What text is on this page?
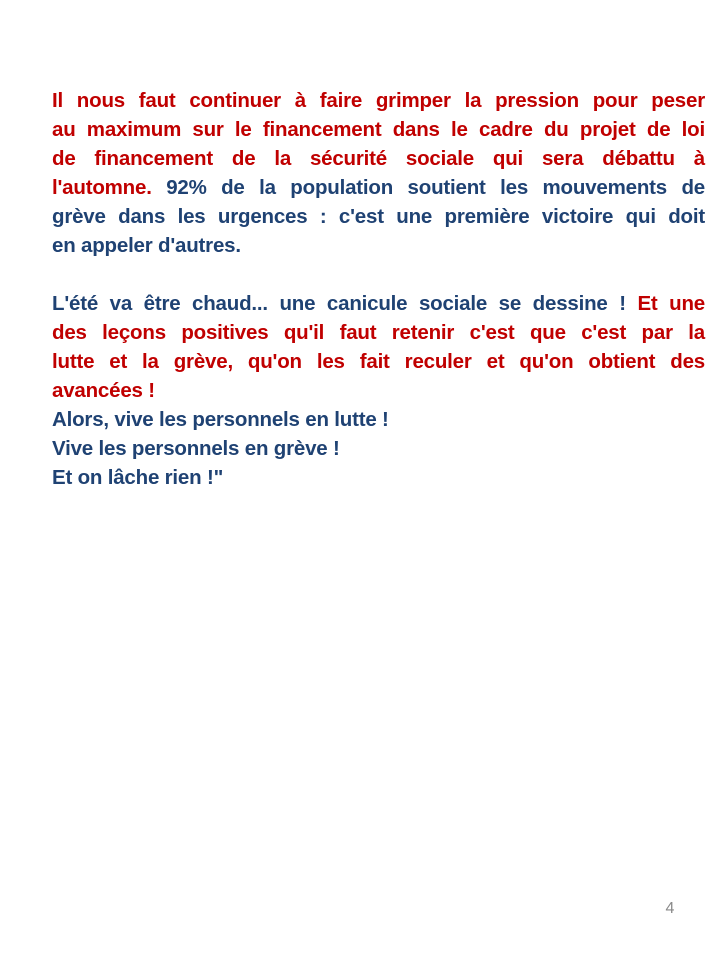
Il nous faut continuer à faire grimper la pression pour peser
au maximum sur le financement dans le cadre du projet de loi
de financement de la sécurité sociale qui sera débattu à
l'automne. 92% de la population soutient les mouvements de
grève dans les urgences : c'est une première victoire qui doit
en appeler d'autres.
L'été va être chaud... une canicule sociale se dessine ! Et une
des leçons positives qu'il faut retenir c'est que c'est par la
lutte et la grève, qu'on les fait reculer et qu'on obtient des
avancées !
Alors, vive les personnels en lutte !
Vive les personnels en grève !
Et on lâche rien !"
4
